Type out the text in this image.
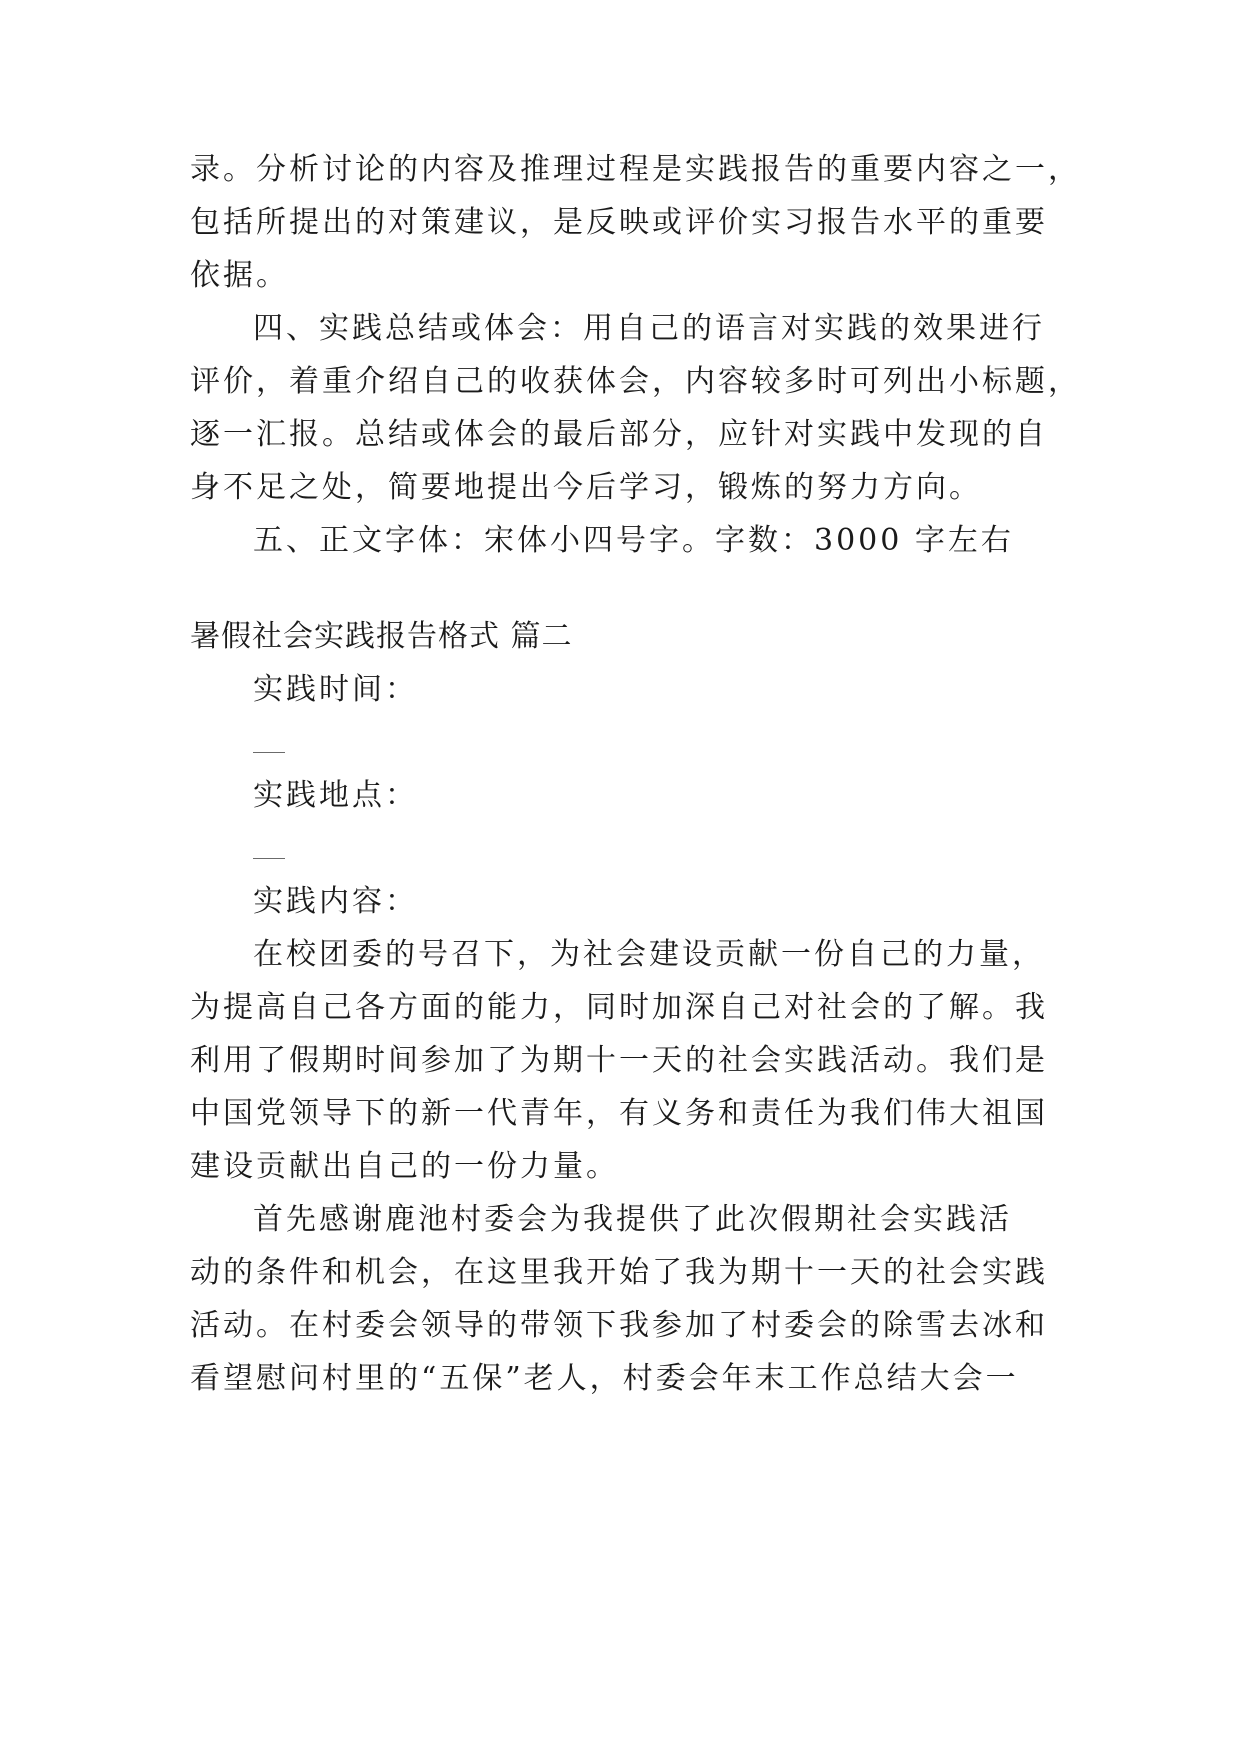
录。分析讨论的内容及推理过程是实践报告的重要内容之一，
包括所提出的对策建议，是反映或评价实习报告水平的重要
依据。
四、实践总结或体会：用自己的语言对实践的效果进行
评价，着重介绍自己的收获体会，内容较多时可列出小标题，
逐一汇报。总结或体会的最后部分，应针对实践中发现的自
身不足之处，简要地提出今后学习，锻炼的努力方向。
五、正文字体：宋体小四号字。字数：3000 字左右
暑假社会实践报告格式 篇二
实践时间：
实践地点：
实践内容：
在校团委的号召下，为社会建设贡献一份自己的力量，
为提高自己各方面的能力，同时加深自己对社会的了解。我
利用了假期时间参加了为期十一天的社会实践活动。我们是
中国党领导下的新一代青年，有义务和责任为我们伟大祖国
建设贡献出自己的一份力量。
首先感谢鹿池村委会为我提供了此次假期社会实践活
动的条件和机会，在这里我开始了我为期十一天的社会实践
活动。在村委会领导的带领下我参加了村委会的除雪去冰和
看望慰问村里的“五保”老人，村委会年末工作总结大会一
